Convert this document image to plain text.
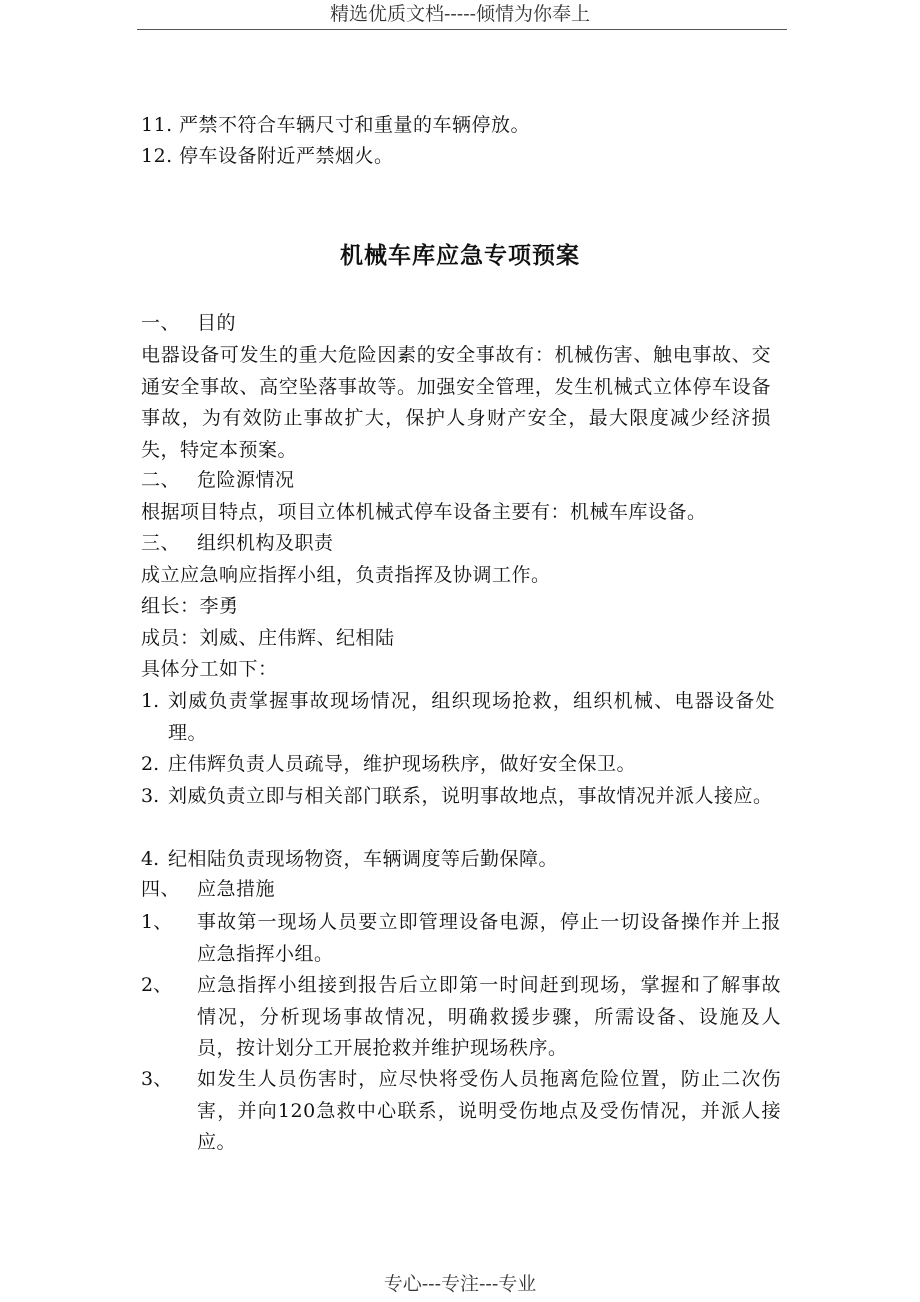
精选优质文档-----倾情为你奉上
11. 严禁不符合车辆尺寸和重量的车辆停放。
12. 停车设备附近严禁烟火。
机械车库应急专项预案
一、 目的
电器设备可发生的重大危险因素的安全事故有：机械伤害、触电事故、交通安全事故、高空坠落事故等。加强安全管理，发生机械式立体停车设备事故，为有效防止事故扩大，保护人身财产安全，最大限度减少经济损失，特定本预案。
二、 危险源情况
根据项目特点，项目立体机械式停车设备主要有：机械车库设备。
三、 组织机构及职责
成立应急响应指挥小组，负责指挥及协调工作。
组长：李勇
成员：刘威、庄伟辉、纪相陆
具体分工如下：
1. 刘威负责掌握事故现场情况，组织现场抢救，组织机械、电器设备处理。
2. 庄伟辉负责人员疏导，维护现场秩序，做好安全保卫。
3. 刘威负责立即与相关部门联系，说明事故地点，事故情况并派人接应。
4. 纪相陆负责现场物资，车辆调度等后勤保障。
四、 应急措施
1、	事故第一现场人员要立即管理设备电源，停止一切设备操作并上报应急指挥小组。
2、	应急指挥小组接到报告后立即第一时间赶到现场，掌握和了解事故情况，分析现场事故情况，明确救援步骤，所需设备、设施及人员，按计划分工开展抢救并维护现场秩序。
3、	如发生人员伤害时，应尽快将受伤人员拖离危险位置，防止二次伤害，并向120急救中心联系，说明受伤地点及受伤情况，并派人接应。
专心---专注---专业
